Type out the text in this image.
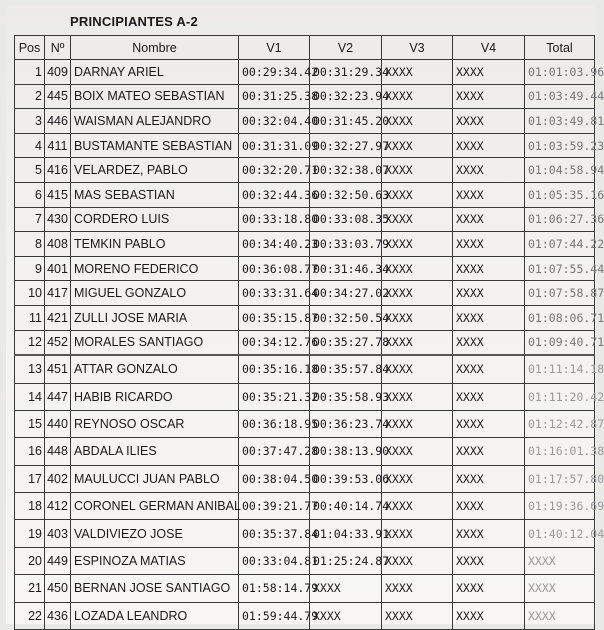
PRINCIPIANTES A-2
Pos	Nº	Nombre	V1	V2	V3	V4	Total
1	409	DARNAY ARIEL	00:29:34.42	00:31:29.34	XXXX	XXXX	01:01:03.96
2	445	BOIX MATEO SEBASTIAN	00:31:25.38	00:32:23.94	XXXX	XXXX	01:03:49.44
3	446	WAISMAN ALEJANDRO	00:32:04.40	00:31:45.20	XXXX	XXXX	01:03:49.81
4	411	BUSTAMANTE SEBASTIAN	00:31:31.09	00:32:27.97	XXXX	XXXX	01:03:59.23
5	416	VELARDEZ, PABLO	00:32:20.71	00:32:38.07	XXXX	XXXX	01:04:58.94
6	415	MAS SEBASTIAN	00:32:44.36	00:32:50.63	XXXX	XXXX	01:05:35.16
7	430	CORDERO LUIS	00:33:18.80	00:33:08.35	XXXX	XXXX	01:06:27.36
8	408	TEMKIN PABLO	00:34:40.23	00:33:03.79	XXXX	XXXX	01:07:44.22
9	401	MORENO FEDERICO	00:36:08.77	00:31:46.34	XXXX	XXXX	01:07:55.44
10	417	MIGUEL GONZALO	00:33:31.64	00:34:27.02	XXXX	XXXX	01:07:58.87
11	421	ZULLI JOSE MARIA	00:35:15.87	00:32:50.54	XXXX	XXXX	01:08:06.71
12	452	MORALES SANTIAGO	00:34:12.76	00:35:27.78	XXXX	XXXX	01:09:40.71
13	451	ATTAR GONZALO	00:35:16.18	00:35:57.84	XXXX	XXXX	01:11:14.18
14	447	HABIB RICARDO	00:35:21.32	00:35:58.93	XXXX	XXXX	01:11:20.42
15	440	REYNOSO OSCAR	00:36:18.95	00:36:23.74	XXXX	XXXX	01:12:42.87
16	448	ABDALA ILIES	00:37:47.28	00:38:13.90	XXXX	XXXX	01:16:01.38
17	402	MAULUCCI JUAN PABLO	00:38:04.50	00:39:53.06	XXXX	XXXX	01:17:57.80
18	412	CORONEL GERMAN ANIBAL	00:39:21.77	00:40:14.74	XXXX	XXXX	01:19:36.69
19	403	VALDIVIEZO JOSE	00:35:37.84	01:04:33.91	XXXX	XXXX	01:40:12.04
20	449	ESPINOZA MATIAS	00:33:04.81	01:25:24.87	XXXX	XXXX	XXXX
21	450	BERNAN JOSE SANTIAGO	01:58:14.79	XXXX	XXXX	XXXX	XXXX
22	436	LOZADA LEANDRO	01:59:44.79	XXXX	XXXX	XXXX	XXXX
